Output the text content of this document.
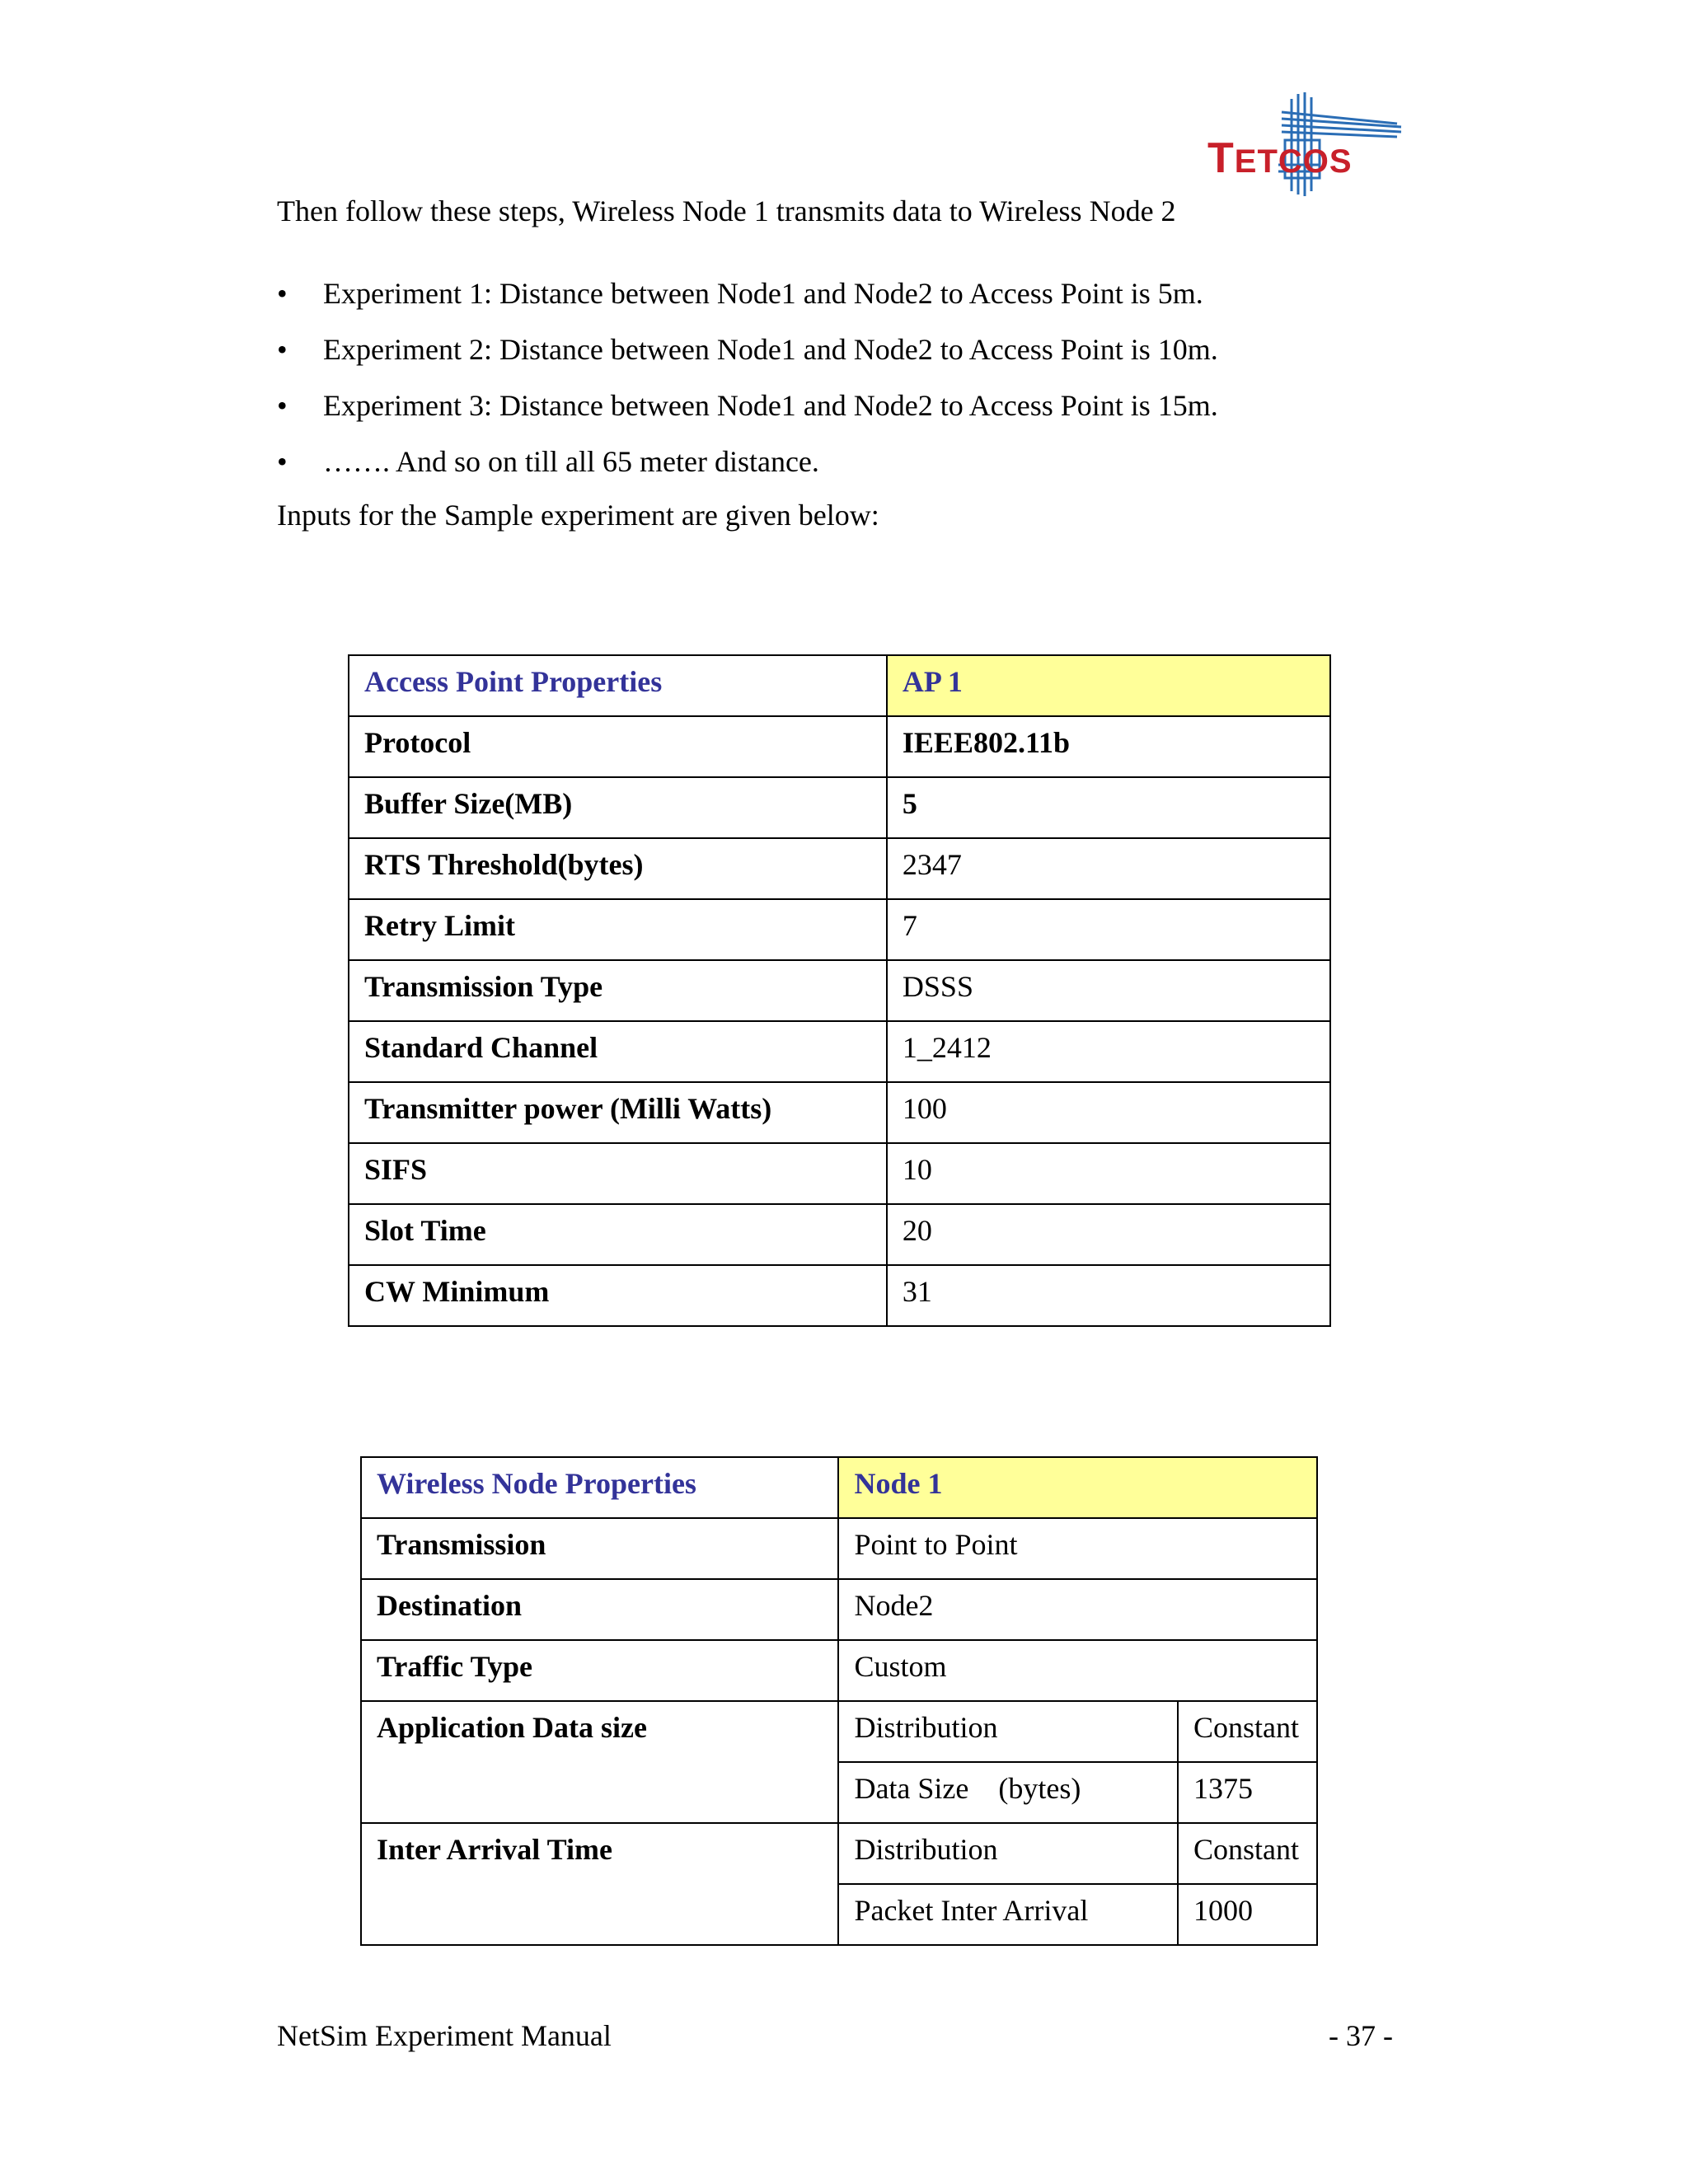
TETCOS
Then follow these steps, Wireless Node 1 transmits data to Wireless Node 2
• Experiment 1: Distance between Node1 and Node2 to Access Point is 5m.
• Experiment 2: Distance between Node1 and Node2 to Access Point is 10m.
• Experiment 3: Distance between Node1 and Node2 to Access Point is 15m.
• ……. And so on till all 65 meter distance.
Inputs for the Sample experiment are given below:
Access Point Properties	AP 1
Protocol	IEEE802.11b
Buffer Size(MB)	5
RTS Threshold(bytes)	2347
Retry Limit	7
Transmission Type	DSSS
Standard Channel	1_2412
Transmitter power (Milli Watts)	100
SIFS	10
Slot Time	20
CW Minimum	31
Wireless Node Properties	Node 1	
Transmission	Point to Point	
Destination	Node2	
Traffic Type	Custom	
Application Data size	Distribution	Constant
	Data Size    (bytes)	1375
Inter Arrival Time	Distribution	Constant
	Packet Inter Arrival	1000
NetSim Experiment Manual	- 37 -
